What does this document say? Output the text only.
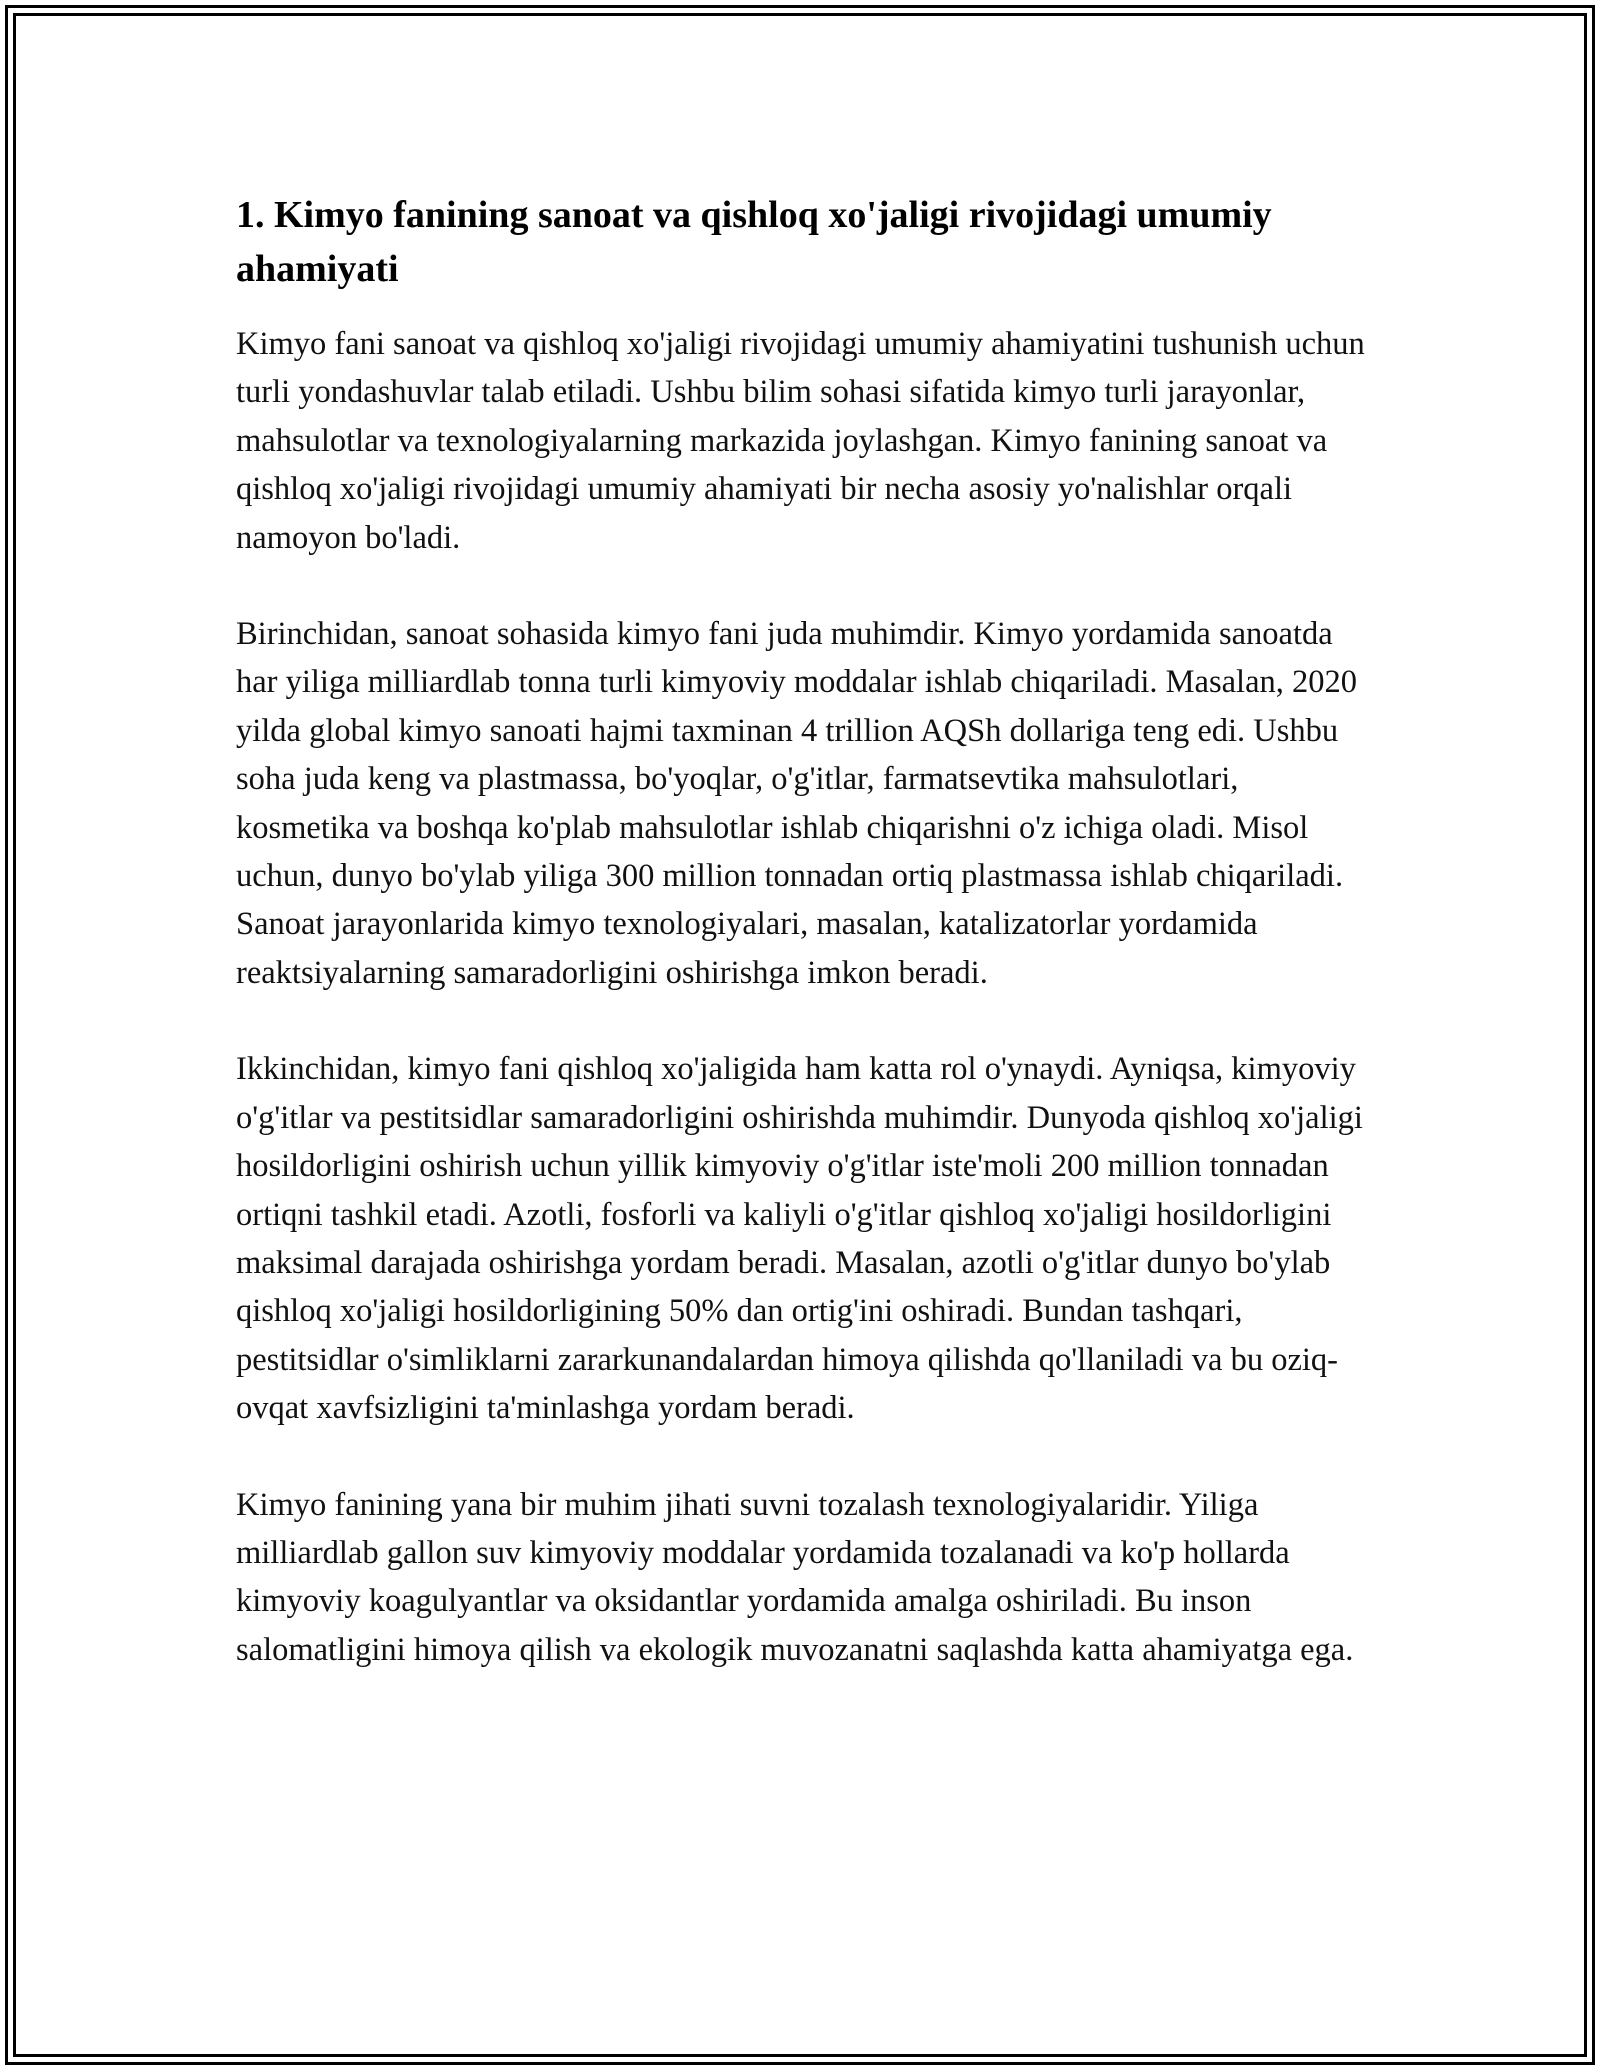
1. Kimyo fanining sanoat va qishloq xo'jaligi rivojidagi umumiy ahamiyati

Kimyo fani sanoat va qishloq xo'jaligi rivojidagi umumiy ahamiyatini tushunish uchun turli yondashuvlar talab etiladi. Ushbu bilim sohasi sifatida kimyo turli jarayonlar, mahsulotlar va texnologiyalarning markazida joylashgan. Kimyo fanining sanoat va qishloq xo'jaligi rivojidagi umumiy ahamiyati bir necha asosiy yo'nalishlar orqali namoyon bo'ladi.

Birinchidan, sanoat sohasida kimyo fani juda muhimdir. Kimyo yordamida sanoatda har yiliga milliardlab tonna turli kimyoviy moddalar ishlab chiqariladi. Masalan, 2020 yilda global kimyo sanoati hajmi taxminan 4 trillion AQSh dollariga teng edi. Ushbu soha juda keng va plastmassa, bo'yoqlar, o'g'itlar, farmatsevtika mahsulotlari, kosmetika va boshqa ko'plab mahsulotlar ishlab chiqarishni o'z ichiga oladi. Misol uchun, dunyo bo'ylab yiliga 300 million tonnadan ortiq plastmassa ishlab chiqariladi. Sanoat jarayonlarida kimyo texnologiyalari, masalan, katalizatorlar yordamida reaktsiyalarning samaradorligini oshirishga imkon beradi.

Ikkinchidan, kimyo fani qishloq xo'jaligida ham katta rol o'ynaydi. Ayniqsa, kimyoviy o'g'itlar va pestitsidlar samaradorligini oshirishda muhimdir. Dunyoda qishloq xo'jaligi hosildorligini oshirish uchun yillik kimyoviy o'g'itlar iste'moli 200 million tonnadan ortiqni tashkil etadi. Azotli, fosforli va kaliyli o'g'itlar qishloq xo'jaligi hosildorligini maksimal darajada oshirishga yordam beradi. Masalan, azotli o'g'itlar dunyo bo'ylab qishloq xo'jaligi hosildorligining 50% dan ortig'ini oshiradi. Bundan tashqari, pestitsidlar o'simliklarni zararkunandalardan himoya qilishda qo'llaniladi va bu oziq-ovqat xavfsizligini ta'minlashga yordam beradi.

Kimyo fanining yana bir muhim jihati suvni tozalash texnologiyalaridir. Yiliga milliardlab gallon suv kimyoviy moddalar yordamida tozalanadi va ko'p hollarda kimyoviy koagulyantlar va oksidantlar yordamida amalga oshiriladi. Bu inson salomatligini himoya qilish va ekologik muvozanatni saqlashda katta ahamiyatga ega.
